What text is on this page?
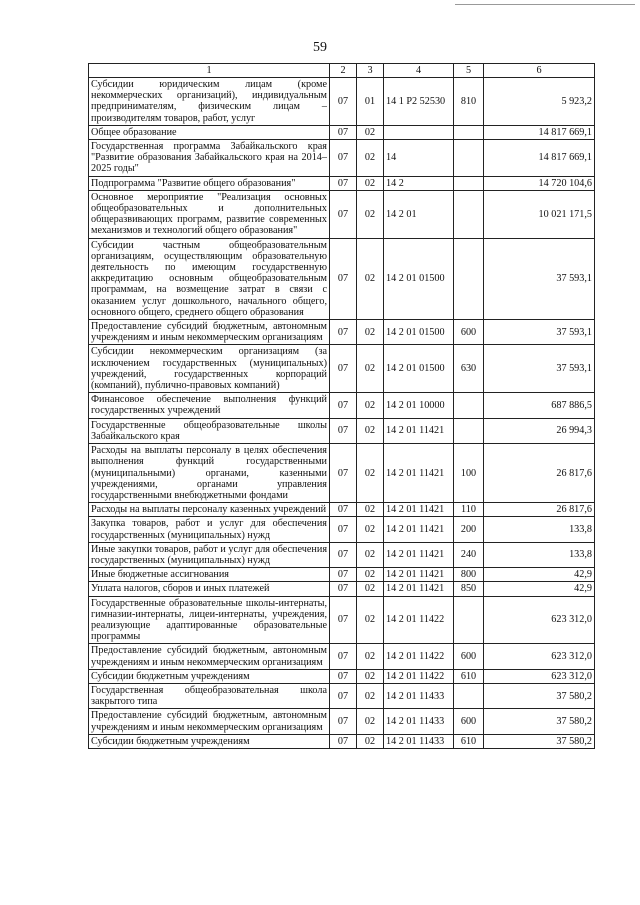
59
1	2	3	4	5	6
Субсидии юридическим лицам (кроме некоммерческих организаций), индивидуальным предпринимателям, физическим лицам – производителям товаров, работ, услуг	07	01	14 1 P2 52530	810	5 923,2
Общее образование	07	02			14 817 669,1
Государственная программа Забайкальского края "Развитие образования Забайкальского края на 2014–2025 годы"	07	02	14		14 817 669,1
Подпрограмма "Развитие общего образования"	07	02	14 2		14 720 104,6
Основное мероприятие "Реализация основных общеобразовательных и дополнительных общеразвивающих программ, развитие современных механизмов и технологий общего образования"	07	02	14 2 01		10 021 171,5
Субсидии частным общеобразовательным организациям, осуществляющим образовательную деятельность по имеющим государственную аккредитацию основным общеобразовательным программам, на возмещение затрат в связи с оказанием услуг дошкольного, начального общего, основного общего, среднего общего образования	07	02	14 2 01 01500		37 593,1
Предоставление субсидий бюджетным, автономным учреждениям и иным некоммерческим организациям	07	02	14 2 01 01500	600	37 593,1
Субсидии некоммерческим организациям (за исключением государственных (муниципальных) учреждений, государственных корпораций (компаний), публично-правовых компаний)	07	02	14 2 01 01500	630	37 593,1
Финансовое обеспечение выполнения функций государственных учреждений	07	02	14 2 01 10000		687 886,5
Государственные общеобразовательные школы Забайкальского края	07	02	14 2 01 11421		26 994,3
Расходы на выплаты персоналу в целях обеспечения выполнения функций государственными (муниципальными) органами, казенными учреждениями, органами управления государственными внебюджетными фондами	07	02	14 2 01 11421	100	26 817,6
Расходы на выплаты персоналу казенных учреждений	07	02	14 2 01 11421	110	26 817,6
Закупка товаров, работ и услуг для обеспечения государственных (муниципальных) нужд	07	02	14 2 01 11421	200	133,8
Иные закупки товаров, работ и услуг для обеспечения государственных (муниципальных) нужд	07	02	14 2 01 11421	240	133,8
Иные бюджетные ассигнования	07	02	14 2 01 11421	800	42,9
Уплата налогов, сборов и иных платежей	07	02	14 2 01 11421	850	42,9
Государственные образовательные школы-интернаты, гимназии-интернаты, лицеи-интернаты, учреждения, реализующие адаптированные образовательные программы	07	02	14 2 01 11422		623 312,0
Предоставление субсидий бюджетным, автономным учреждениям и иным некоммерческим организациям	07	02	14 2 01 11422	600	623 312,0
Субсидии бюджетным учреждениям	07	02	14 2 01 11422	610	623 312,0
Государственная общеобразовательная школа закрытого типа	07	02	14 2 01 11433		37 580,2
Предоставление субсидий бюджетным, автономным учреждениям и иным некоммерческим организациям	07	02	14 2 01 11433	600	37 580,2
Субсидии бюджетным учреждениям	07	02	14 2 01 11433	610	37 580,2
